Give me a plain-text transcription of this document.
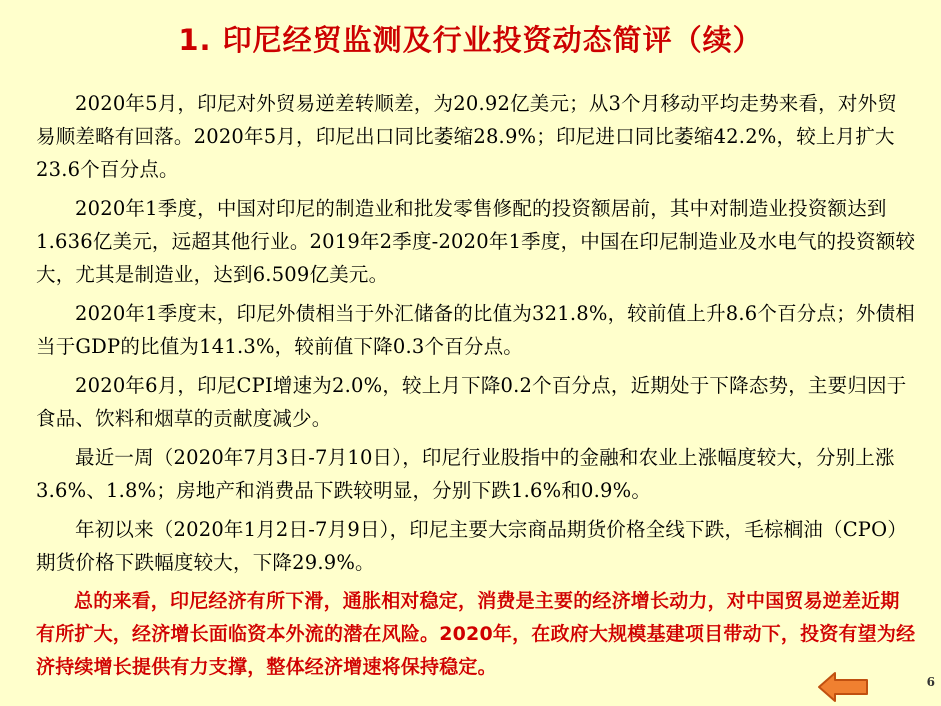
1. 印尼经贸监测及行业投资动态简评（续）

2020年5月，印尼对外贸易逆差转顺差，为20.92亿美元；从3个月移动平均走势来看，对外贸易顺差略有回落。2020年5月，印尼出口同比萎缩28.9%；印尼进口同比萎缩42.2%，较上月扩大23.6个百分点。

2020年1季度，中国对印尼的制造业和批发零售修配的投资额居前，其中对制造业投资额达到1.636亿美元，远超其他行业。2019年2季度-2020年1季度，中国在印尼制造业及水电气的投资额较大，尤其是制造业，达到6.509亿美元。

2020年1季度末，印尼外债相当于外汇储备的比值为321.8%，较前值上升8.6个百分点；外债相当于GDP的比值为141.3%，较前值下降0.3个百分点。

2020年6月，印尼CPI增速为2.0%，较上月下降0.2个百分点，近期处于下降态势，主要归因于食品、饮料和烟草的贡献度减少。

最近一周（2020年7月3日-7月10日），印尼行业股指中的金融和农业上涨幅度较大，分别上涨3.6%、1.8%；房地产和消费品下跌较明显，分别下跌1.6%和0.9%。

年初以来（2020年1月2日-7月9日），印尼主要大宗商品期货价格全线下跌，毛棕榈油（CPO）期货价格下跌幅度较大，下降29.9%。

总的来看，印尼经济有所下滑，通胀相对稳定，消费是主要的经济增长动力，对中国贸易逆差近期有所扩大，经济增长面临资本外流的潜在风险。2020年，在政府大规模基建项目带动下，投资有望为经济持续增长提供有力支撑，整体经济增速将保持稳定。

6
